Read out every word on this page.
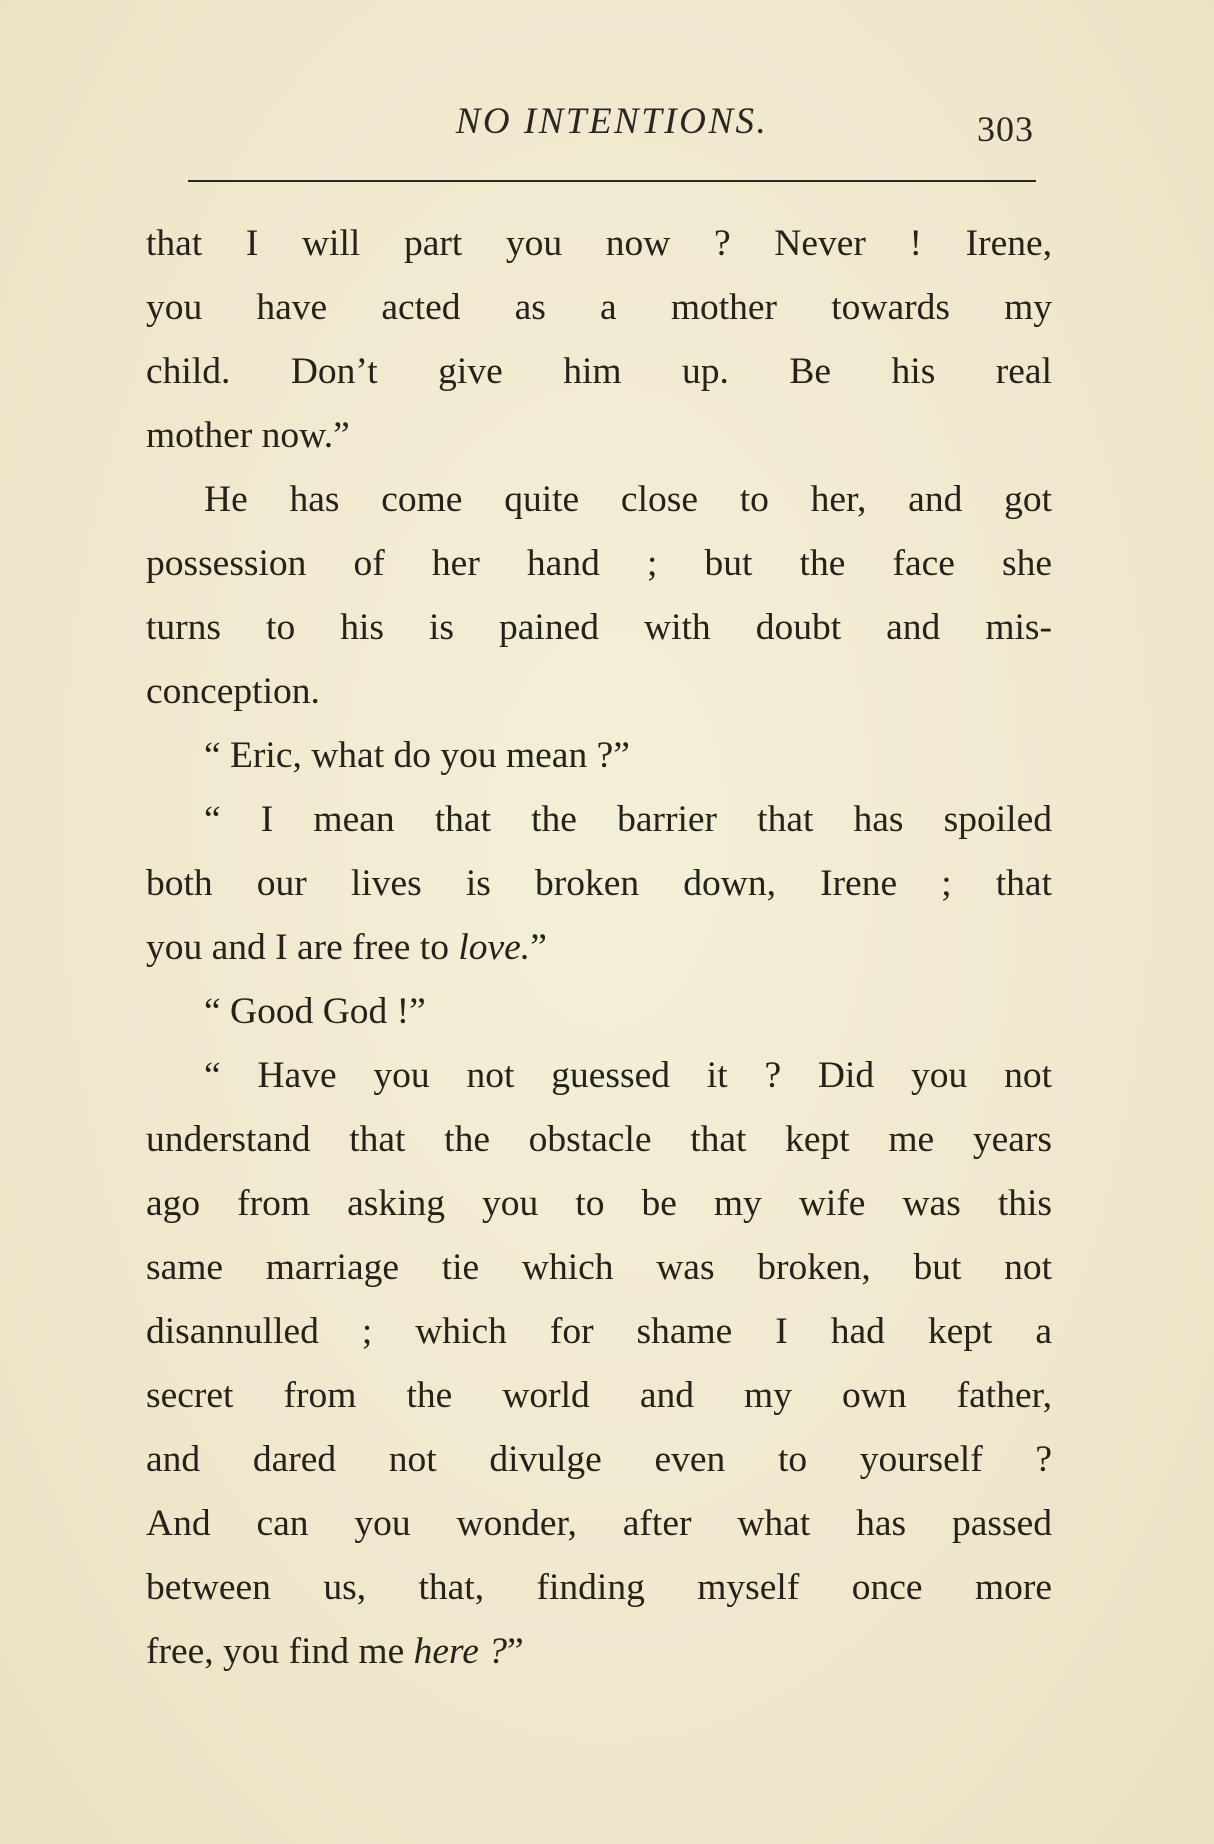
NO INTENTIONS.	303
that I will part you now ? Never ! Irene,
you have acted as a mother towards my
child. Don’t give him up. Be his real
mother now.”
He has come quite close to her, and got
possession of her hand ; but the face she
turns to his is pained with doubt and mis-
conception.
“ Eric, what do you mean ?”
“ I mean that the barrier that has spoiled
both our lives is broken down, Irene ; that
you and I are free to love.”
“ Good God !”
“ Have you not guessed it ? Did you not
understand that the obstacle that kept me years
ago from asking you to be my wife was this
same marriage tie which was broken, but not
disannulled ; which for shame I had kept a
secret from the world and my own father,
and dared not divulge even to yourself ?
And can you wonder, after what has passed
between us, that, finding myself once more
free, you find me here ?”
